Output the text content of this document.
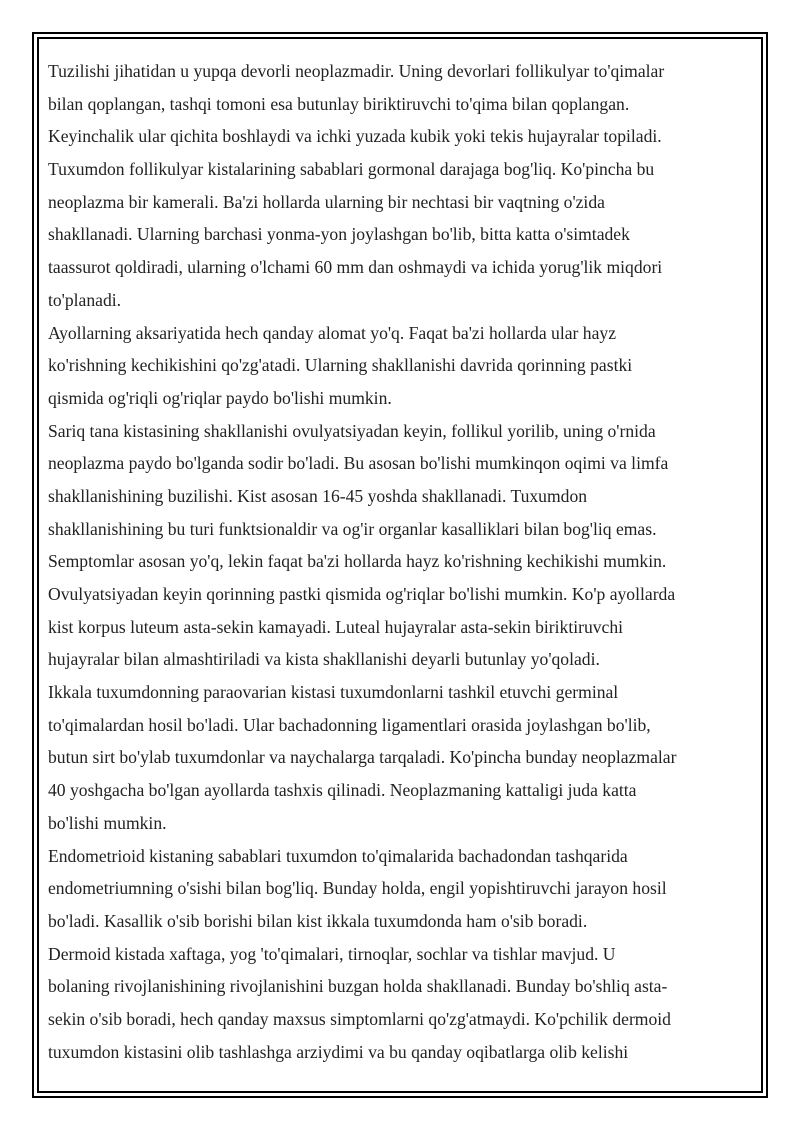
Tuzilishi jihatidan u yupqa devorli neoplazmadir. Uning devorlari follikulyar to'qimalar
bilan qoplangan, tashqi tomoni esa butunlay biriktiruvchi to'qima bilan qoplangan.
Keyinchalik ular qichita boshlaydi va ichki yuzada kubik yoki tekis hujayralar topiladi.
Tuxumdon follikulyar kistalarining sabablari gormonal darajaga bog'liq. Ko'pincha bu
neoplazma bir kamerali. Ba'zi hollarda ularning bir nechtasi bir vaqtning o'zida
shakllanadi. Ularning barchasi yonma-yon joylashgan bo'lib, bitta katta o'simtadek
taassurot qoldiradi, ularning o'lchami 60 mm dan oshmaydi va ichida yorug'lik miqdori
to'planadi.
Ayollarning aksariyatida hech qanday alomat yo'q. Faqat ba'zi hollarda ular hayz
ko'rishning kechikishini qo'zg'atadi. Ularning shakllanishi davrida qorinning pastki
qismida og'riqli og'riqlar paydo bo'lishi mumkin.
Sariq tana kistasining shakllanishi ovulyatsiyadan keyin, follikul yorilib, uning o'rnida
neoplazma paydo bo'lganda sodir bo'ladi. Bu asosan bo'lishi mumkinqon oqimi va limfa
shakllanishining buzilishi. Kist asosan 16-45 yoshda shakllanadi. Tuxumdon
shakllanishining bu turi funktsionaldir va og'ir organlar kasalliklari bilan bog'liq emas.
Semptomlar asosan yo'q, lekin faqat ba'zi hollarda hayz ko'rishning kechikishi mumkin.
Ovulyatsiyadan keyin qorinning pastki qismida og'riqlar bo'lishi mumkin. Ko'p ayollarda
kist korpus luteum asta-sekin kamayadi. Luteal hujayralar asta-sekin biriktiruvchi
hujayralar bilan almashtiriladi va kista shakllanishi deyarli butunlay yo'qoladi.
Ikkala tuxumdonning paraovarian kistasi tuxumdonlarni tashkil etuvchi germinal
to'qimalardan hosil bo'ladi. Ular bachadonning ligamentlari orasida joylashgan bo'lib,
butun sirt bo'ylab tuxumdonlar va naychalarga tarqaladi. Ko'pincha bunday neoplazmalar
40 yoshgacha bo'lgan ayollarda tashxis qilinadi. Neoplazmaning kattaligi juda katta
bo'lishi mumkin.
Endometrioid kistaning sabablari tuxumdon to'qimalarida bachadondan tashqarida
endometriumning o'sishi bilan bog'liq. Bunday holda, engil yopishtiruvchi jarayon hosil
bo'ladi. Kasallik o'sib borishi bilan kist ikkala tuxumdonda ham o'sib boradi.
Dermoid kistada xaftaga, yog 'to'qimalari, tirnoqlar, sochlar va tishlar mavjud. U
bolaning rivojlanishining rivojlanishini buzgan holda shakllanadi. Bunday bo'shliq asta-
sekin o'sib boradi, hech qanday maxsus simptomlarni qo'zg'atmaydi. Ko'pchilik dermoid
tuxumdon kistasini olib tashlashga arziydimi va bu qanday oqibatlarga olib kelishi
